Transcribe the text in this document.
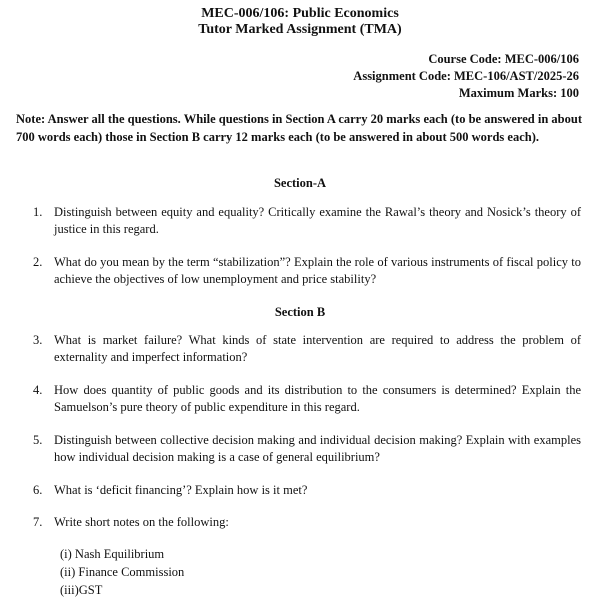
MEC-006/106: Public Economics
Tutor Marked Assignment (TMA)
Course Code: MEC-006/106
Assignment Code: MEC-106/AST/2025-26
Maximum Marks: 100

Note: Answer all the questions. While questions in Section A carry 20 marks each (to be answered in about 700 words each) those in Section B carry 12 marks each (to be answered in about 500 words each).

Section-A
1. Distinguish between equity and equality? Critically examine the Rawal’s theory and Nosick’s theory of justice in this regard.
2. What do you mean by the term “stabilization”? Explain the role of various instruments of fiscal policy to achieve the objectives of low unemployment and price stability?
Section B
3. What is market failure? What kinds of state intervention are required to address the problem of externality and imperfect information?
4. How does quantity of public goods and its distribution to the consumers is determined? Explain the Samuelson’s pure theory of public expenditure in this regard.
5. Distinguish between collective decision making and individual decision making? Explain with examples how individual decision making is a case of general equilibrium?
6. What is ‘deficit financing’? Explain how is it met?
7. Write short notes on the following:
(i) Nash Equilibrium
(ii) Finance Commission
(iii)GST
